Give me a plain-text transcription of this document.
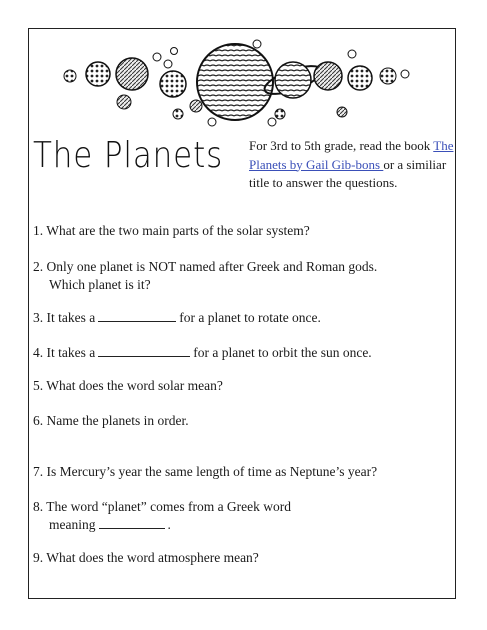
The Planets For 3rd to 5th grade, read the book The Planets by Gail Gib-bons or a similiar title to answer the questions.
1. What are the two main parts of the solar system?
2. Only one planet is NOT named after Greek and Roman gods.
Which planet is it?
3. It takes a	for a planet to rotate once.
4. It takes a	for a planet to orbit the sun once.
5. What does the word solar mean?
6. Name the planets in order.
7. Is Mercury’s year the same length of time as Neptune’s year?
8. The word “planet” comes from a Greek word
meaning	.
9. What does the word atmosphere mean?
